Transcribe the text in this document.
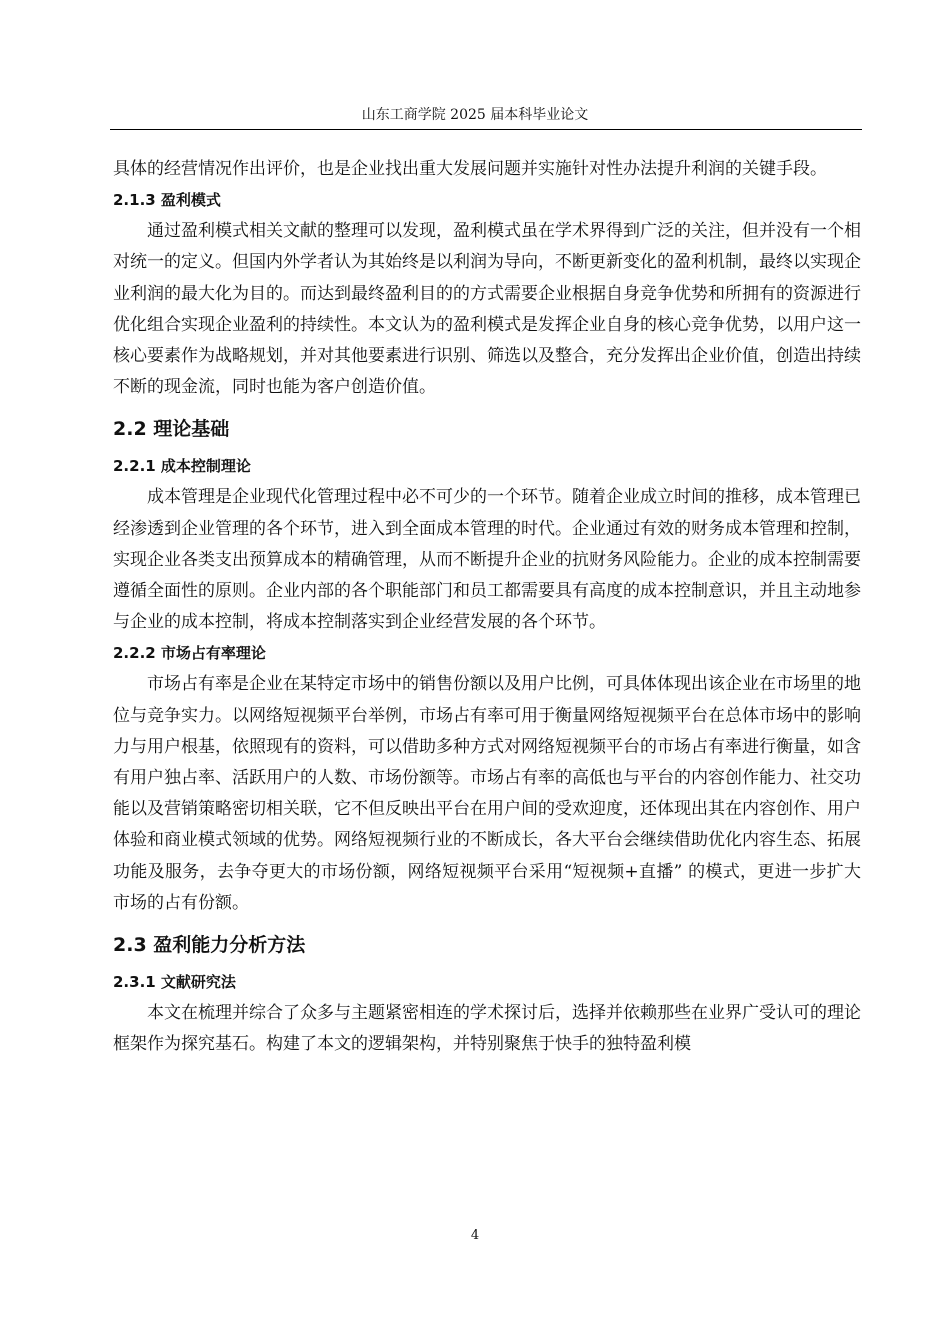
山东工商学院 2025 届本科毕业论文

具体的经营情况作出评价，也是企业找出重大发展问题并实施针对性办法提升利润的关键手段。

2.1.3 盈利模式

通过盈利模式相关文献的整理可以发现，盈利模式虽在学术界得到广泛的关注，但并没有一个相对统一的定义。但国内外学者认为其始终是以利润为导向，不断更新变化的盈利机制，最终以实现企业利润的最大化为目的。而达到最终盈利目的的方式需要企业根据自身竞争优势和所拥有的资源进行优化组合实现企业盈利的持续性。本文认为的盈利模式是发挥企业自身的核心竞争优势，以用户这一核心要素作为战略规划，并对其他要素进行识别、筛选以及整合，充分发挥出企业价值，创造出持续不断的现金流，同时也能为客户创造价值。

2.2 理论基础
2.2.1 成本控制理论

成本管理是企业现代化管理过程中必不可少的一个环节。随着企业成立时间的推移，成本管理已经渗透到企业管理的各个环节，进入到全面成本管理的时代。企业通过有效的财务成本管理和控制，实现企业各类支出预算成本的精确管理，从而不断提升企业的抗财务风险能力。企业的成本控制需要遵循全面性的原则。企业内部的各个职能部门和员工都需要具有高度的成本控制意识，并且主动地参与企业的成本控制，将成本控制落实到企业经营发展的各个环节。

2.2.2 市场占有率理论

市场占有率是企业在某特定市场中的销售份额以及用户比例，可具体体现出该企业在市场里的地位与竞争实力。以网络短视频平台举例，市场占有率可用于衡量网络短视频平台在总体市场中的影响力与用户根基，依照现有的资料，可以借助多种方式对网络短视频平台的市场占有率进行衡量，如含有用户独占率、活跃用户的人数、市场份额等。市场占有率的高低也与平台的内容创作能力、社交功能以及营销策略密切相关联，它不但反映出平台在用户间的受欢迎度，还体现出其在内容创作、用户体验和商业模式领域的优势。网络短视频行业的不断成长，各大平台会继续借助优化内容生态、拓展功能及服务，去争夺更大的市场份额，网络短视频平台采用“短视频+直播” 的模式，更进一步扩大市场的占有份额。

2.3 盈利能力分析方法
2.3.1 文献研究法

本文在梳理并综合了众多与主题紧密相连的学术探讨后，选择并依赖那些在业界广受认可的理论框架作为探究基石。构建了本文的逻辑架构，并特别聚焦于快手的独特盈利模

4
